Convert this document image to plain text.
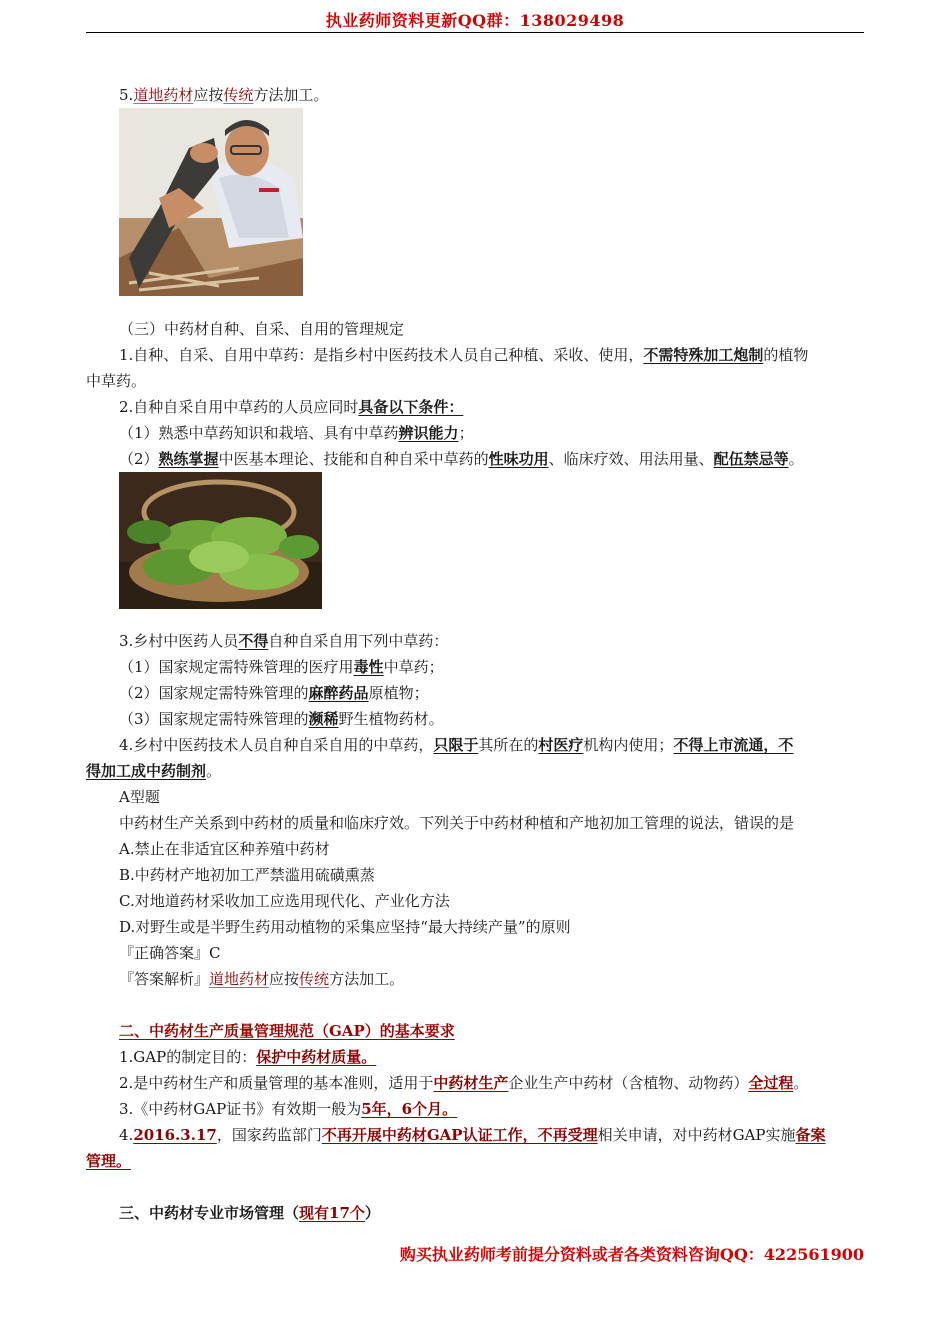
执业药师资料更新QQ群：138029498
5.道地药材应按传统方法加工。
（三）中药材自种、自采、自用的管理规定
1.自种、自采、自用中草药：是指乡村中医药技术人员自己种植、采收、使用，不需特殊加工炮制的植物
中草药。
2.自种自采自用中草药的人员应同时具备以下条件：
（1）熟悉中草药知识和栽培、具有中草药辨识能力；
（2）熟练掌握中医基本理论、技能和自种自采中草药的性味功用、临床疗效、用法用量、配伍禁忌等。
3.乡村中医药人员不得自种自采自用下列中草药：
（1）国家规定需特殊管理的医疗用毒性中草药；
（2）国家规定需特殊管理的麻醉药品原植物；
（3）国家规定需特殊管理的濒稀野生植物药材。
4.乡村中医药技术人员自种自采自用的中草药，只限于其所在的村医疗机构内使用；不得上市流通，不
得加工成中药制剂。
A型题
中药材生产关系到中药材的质量和临床疗效。下列关于中药材种植和产地初加工管理的说法，错误的是
A.禁止在非适宜区种养殖中药材
B.中药材产地初加工严禁滥用硫磺熏蒸
C.对地道药材采收加工应选用现代化、产业化方法
D.对野生或是半野生药用动植物的采集应坚持“最大持续产量”的原则
『正确答案』C
『答案解析』道地药材应按传统方法加工。
二、中药材生产质量管理规范（GAP）的基本要求
1.GAP的制定目的：保护中药材质量。
2.是中药材生产和质量管理的基本准则，适用于中药材生产企业生产中药材（含植物、动物药）全过程。
3.《中药材GAP证书》有效期一般为5年，6个月。
4.2016.3.17，国家药监部门不再开展中药材GAP认证工作，不再受理相关申请，对中药材GAP实施备案
管理。
三、中药材专业市场管理（现有17个）
购买执业药师考前提分资料或者各类资料咨询QQ：422561900
